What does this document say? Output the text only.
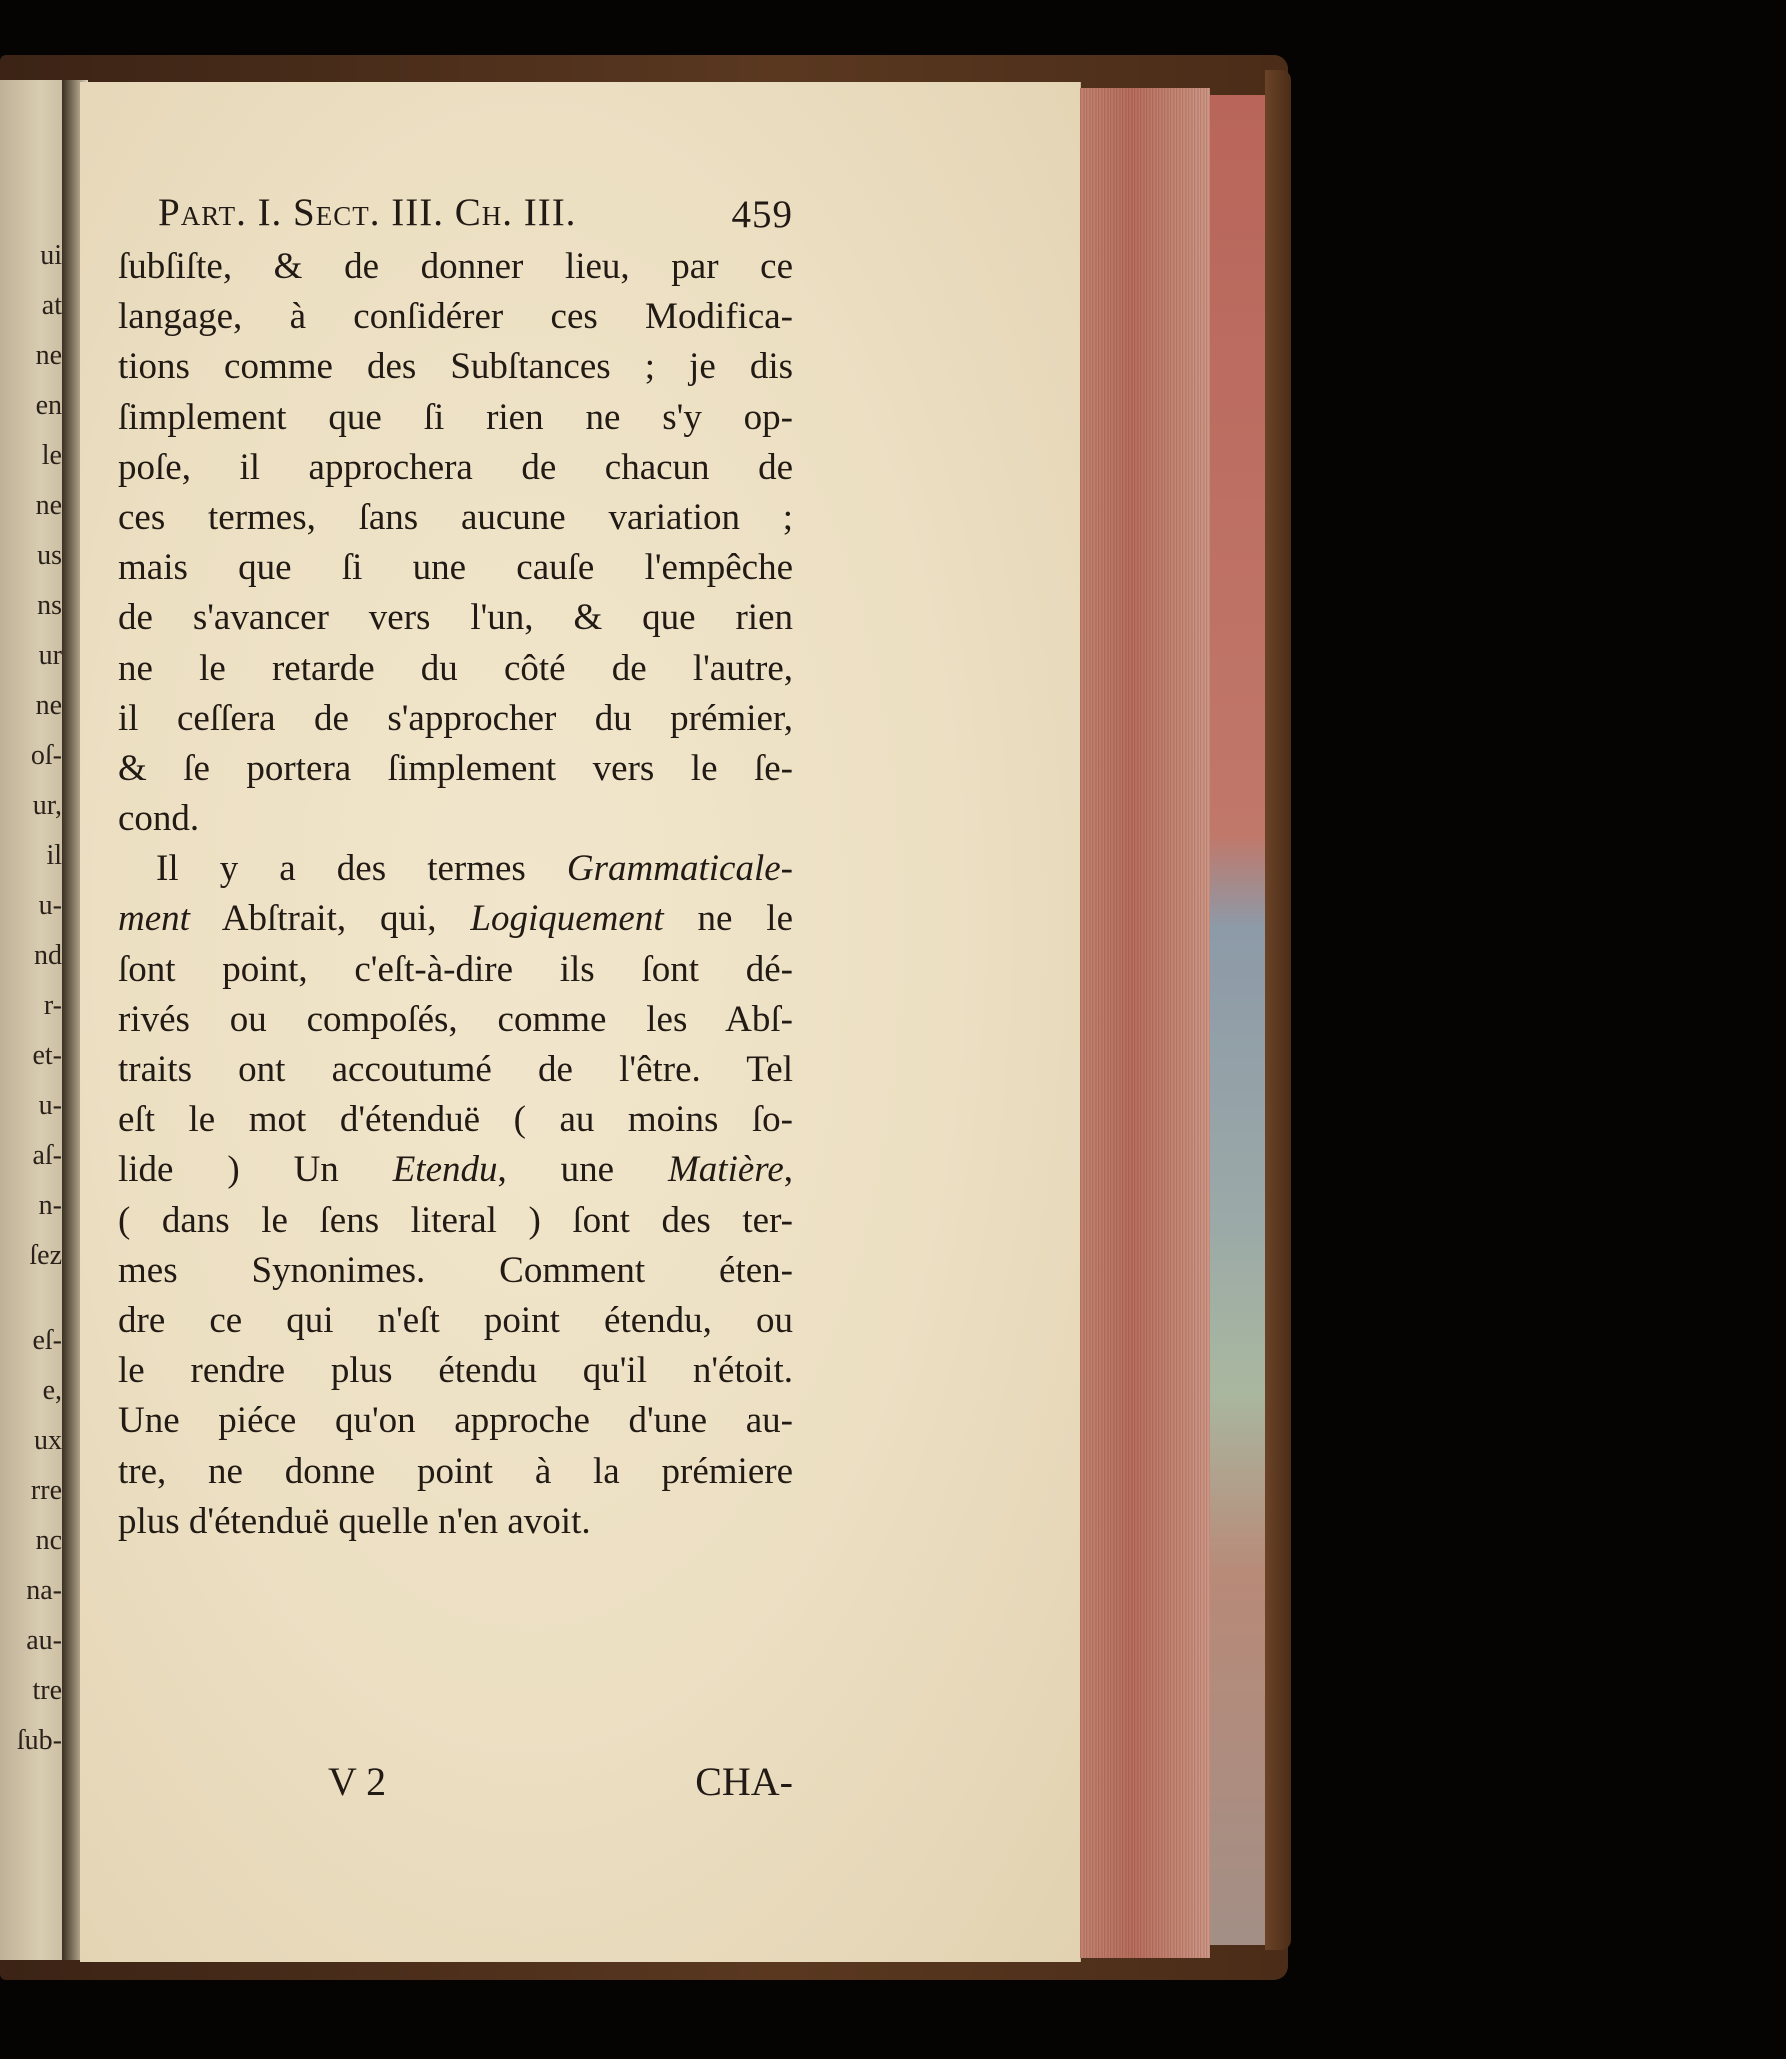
ui
at
ne
en
le
ne
us
ns
ur
ne
oſ-
ur,
il
u-
nd
r-
et-
u-
aſ-
n-
ſez
eſ-
e,
ux
rre
nc
na-
au-
tre
ſub-
Part. I. Sect. III. Ch. III.	459
ſubſiſte, & de donner lieu, par ce
langage, à conſidérer ces Modifica-
tions comme des Subſtances ; je dis
ſimplement que ſi rien ne s'y op-
poſe, il approchera de chacun de
ces termes, ſans aucune variation ;
mais que ſi une cauſe l'empêche
de s'avancer vers l'un, & que rien
ne le retarde du côté de l'autre,
il ceſſera de s'approcher du prémier,
& ſe portera ſimplement vers le ſe-
cond.
Il y a des termes Grammaticale-
ment Abſtrait, qui, Logiquement ne le
ſont point, c'eſt-à-dire ils ſont dé-
rivés ou compoſés, comme les Abſ-
traits ont accoutumé de l'être. Tel
eſt le mot d'étenduë ( au moins ſo-
lide ) Un Etendu, une Matière,
( dans le ſens literal ) ſont des ter-
mes Synonimes. Comment éten-
dre ce qui n'eſt point étendu, ou
le rendre plus étendu qu'il n'étoit.
Une piéce qu'on approche d'une au-
tre, ne donne point à la prémiere
plus d'étenduë quelle n'en avoit.
V 2	CHA-
